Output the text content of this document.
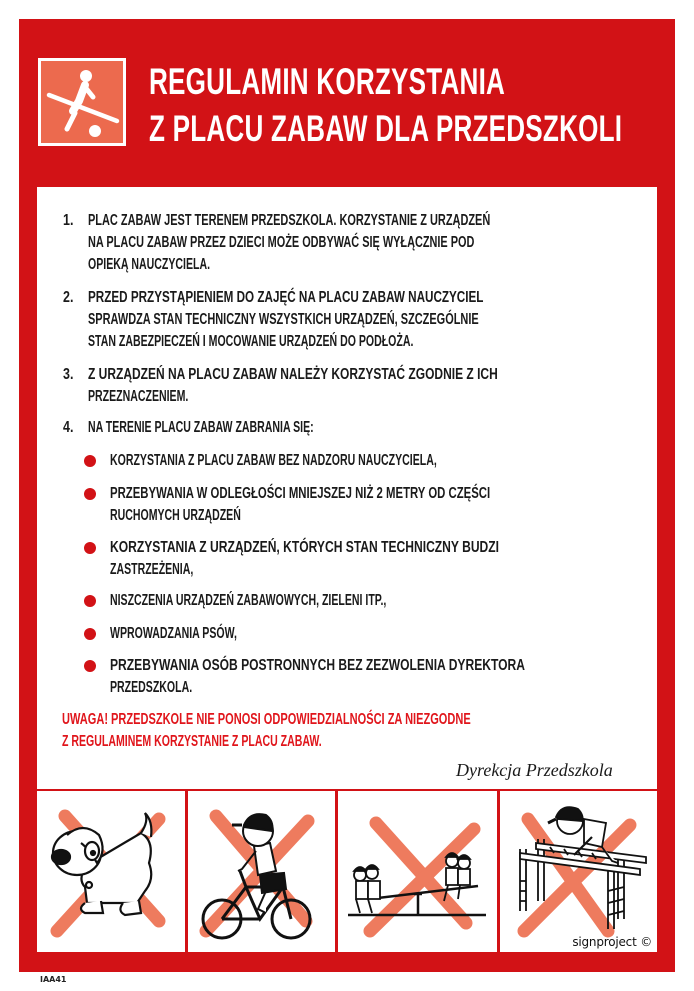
REGULAMIN KORZYSTANIA
Z PLACU ZABAW DLA PRZEDSZKOLI
1. PLAC ZABAW JEST TERENEM PRZEDSZKOLA. KORZYSTANIE Z URZĄDZEŃ
NA PLACU ZABAW PRZEZ DZIECI MOŻE ODBYWAĆ SIĘ WYŁĄCZNIE POD
OPIEKĄ NAUCZYCIELA.
2. PRZED PRZYSTĄPIENIEM DO ZAJĘĆ NA PLACU ZABAW NAUCZYCIEL
SPRAWDZA STAN TECHNICZNY WSZYSTKICH URZĄDZEŃ, SZCZEGÓLNIE
STAN ZABEZPIECZEŃ I MOCOWANIE URZĄDZEŃ DO PODŁOŻA.
3. Z URZĄDZEŃ NA PLACU ZABAW NALEŻY KORZYSTAĆ ZGODNIE Z ICH
PRZEZNACZENIEM.
4. NA TERENIE PLACU ZABAW ZABRANIA SIĘ:
KORZYSTANIA Z PLACU ZABAW BEZ NADZORU NAUCZYCIELA,
PRZEBYWANIA W ODLEGŁOŚCI MNIEJSZEJ NIŻ 2 METRY OD CZĘŚCI
RUCHOMYCH URZĄDZEŃ
KORZYSTANIA Z URZĄDZEŃ, KTÓRYCH STAN TECHNICZNY BUDZI
ZASTRZEŻENIA,
NISZCZENIA URZĄDZEŃ ZABAWOWYCH, ZIELENI ITP.,
WPROWADZANIA PSÓW,
PRZEBYWANIA OSÓB POSTRONNYCH BEZ ZEZWOLENIA DYREKTORA
PRZEDSZKOLA.
UWAGA! PRZEDSZKOLE NIE PONOSI ODPOWIEDZIALNOŚCI ZA NIEZGODNE
Z REGULAMINEM KORZYSTANIE Z PLACU ZABAW.
Dyrekcja Przedszkola
signproject ©
IAA41
